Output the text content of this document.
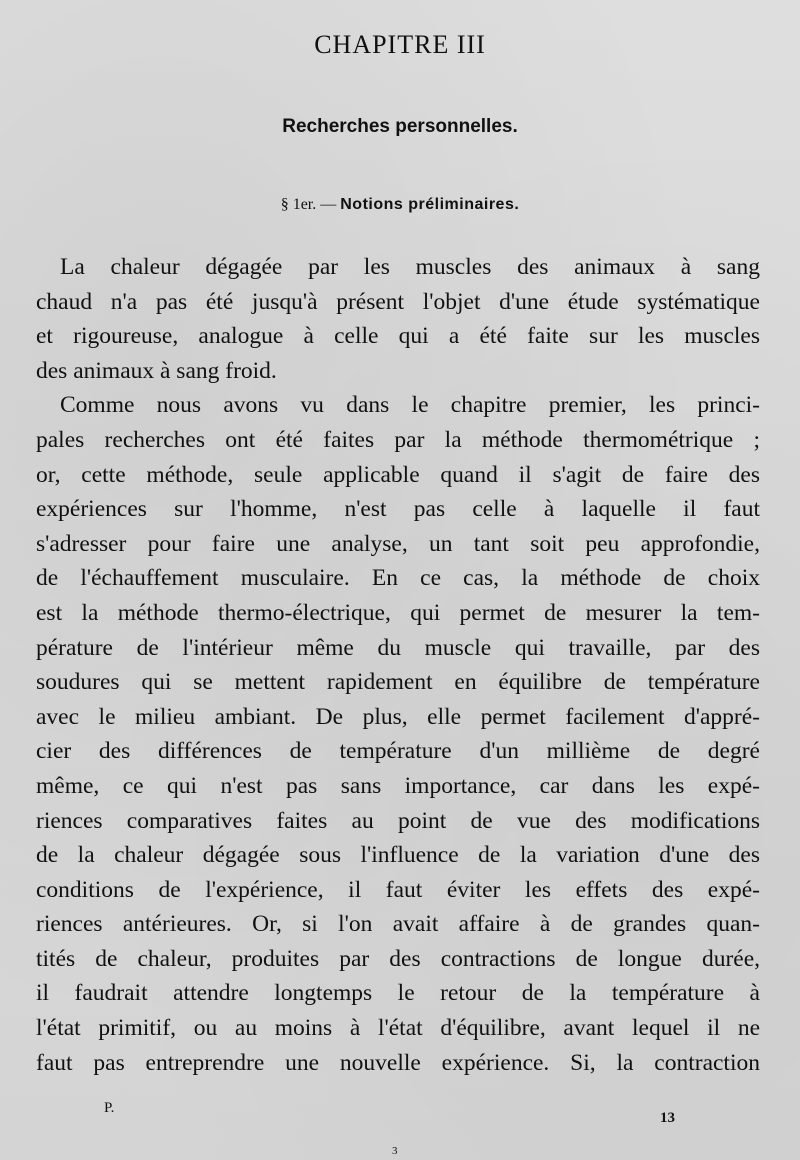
CHAPITRE III
Recherches personnelles.
§ 1er. — Notions préliminaires.
La chaleur dégagée par les muscles des animaux à sang
chaud n'a pas été jusqu'à présent l'objet d'une étude systématique
et rigoureuse, analogue à celle qui a été faite sur les muscles
des animaux à sang froid.
Comme nous avons vu dans le chapitre premier, les princi-
pales recherches ont été faites par la méthode thermométrique ;
or, cette méthode, seule applicable quand il s'agit de faire des
expériences sur l'homme, n'est pas celle à laquelle il faut
s'adresser pour faire une analyse, un tant soit peu approfondie,
de l'échauffement musculaire. En ce cas, la méthode de choix
est la méthode thermo-électrique, qui permet de mesurer la tem-
pérature de l'intérieur même du muscle qui travaille, par des
soudures qui se mettent rapidement en équilibre de température
avec le milieu ambiant. De plus, elle permet facilement d'appré-
cier des différences de température d'un millième de degré
même, ce qui n'est pas sans importance, car dans les expé-
riences comparatives faites au point de vue des modifications
de la chaleur dégagée sous l'influence de la variation d'une des
conditions de l'expérience, il faut éviter les effets des expé-
riences antérieures. Or, si l'on avait affaire à de grandes quan-
tités de chaleur, produites par des contractions de longue durée,
il faudrait attendre longtemps le retour de la température à
l'état primitif, ou au moins à l'état d'équilibre, avant lequel il ne
faut pas entreprendre une nouvelle expérience. Si, la contraction
P.
13
3
